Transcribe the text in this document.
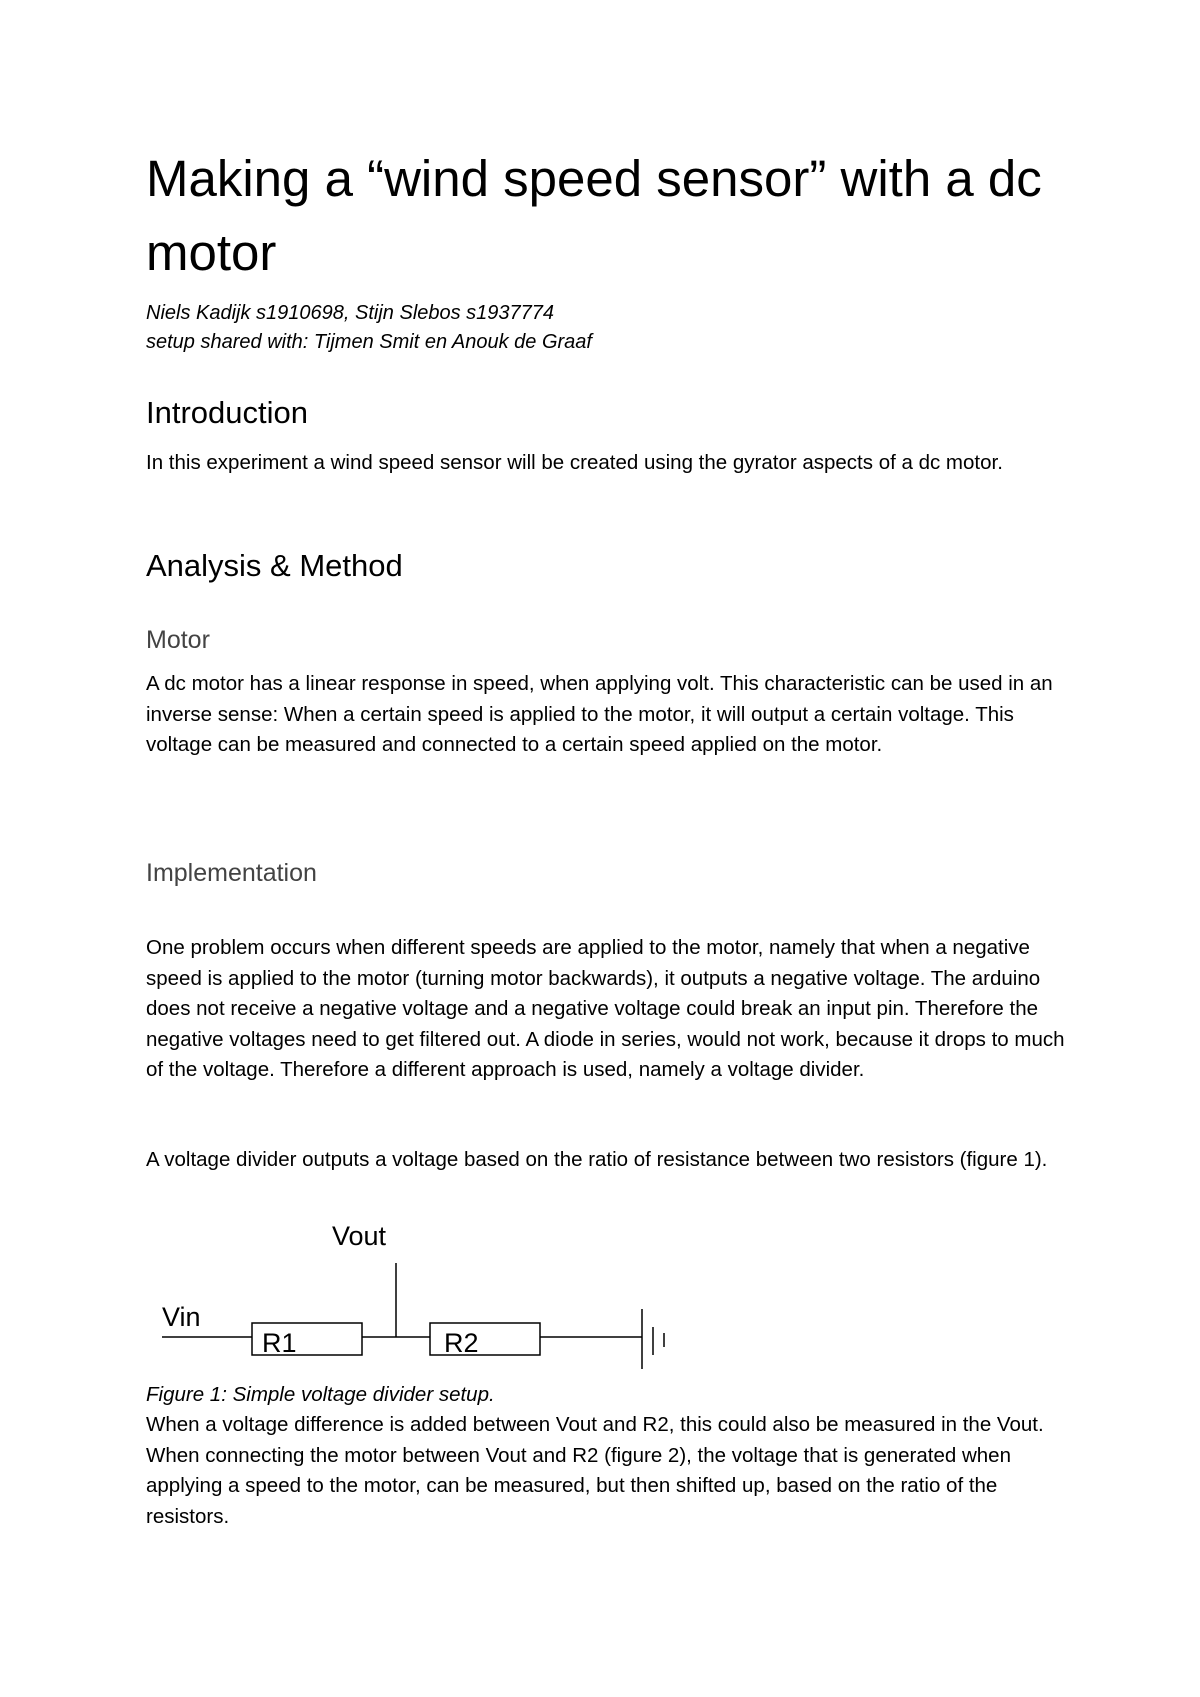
Making a “wind speed sensor” with a dc motor

Niels Kadijk s1910698, Stijn Slebos s1937774

setup shared with: Tijmen Smit en Anouk de Graaf

Introduction

In this experiment a wind speed sensor will be created using the gyrator aspects of a dc motor.

Analysis & Method
Motor

A dc motor has a linear response in speed, when applying volt. This characteristic can be used in an inverse sense: When a certain speed is applied to the motor, it will output a certain voltage. This voltage can be measured and connected to a certain speed applied on the motor.

Implementation

One problem occurs when different speeds are applied to the motor, namely that when a negative speed is applied to the motor (turning motor backwards), it outputs a negative voltage. The arduino does not receive a negative voltage and a negative voltage could break an input pin. Therefore the negative voltages need to get filtered out. A diode in series, would not work, because it drops to much of the voltage. Therefore a different approach is used, namely a voltage divider.

A voltage divider outputs a voltage based on the ratio of resistance between two resistors (figure 1).

Figure 1: Simple voltage divider setup.

When a voltage difference is added between Vout and R2, this could also be measured in the Vout. When connecting the motor between Vout and R2 (figure 2), the voltage that is generated when applying a speed to the motor, can be measured, but then shifted up, based on the ratio of the resistors.

Vout
Vin
R1	R2
